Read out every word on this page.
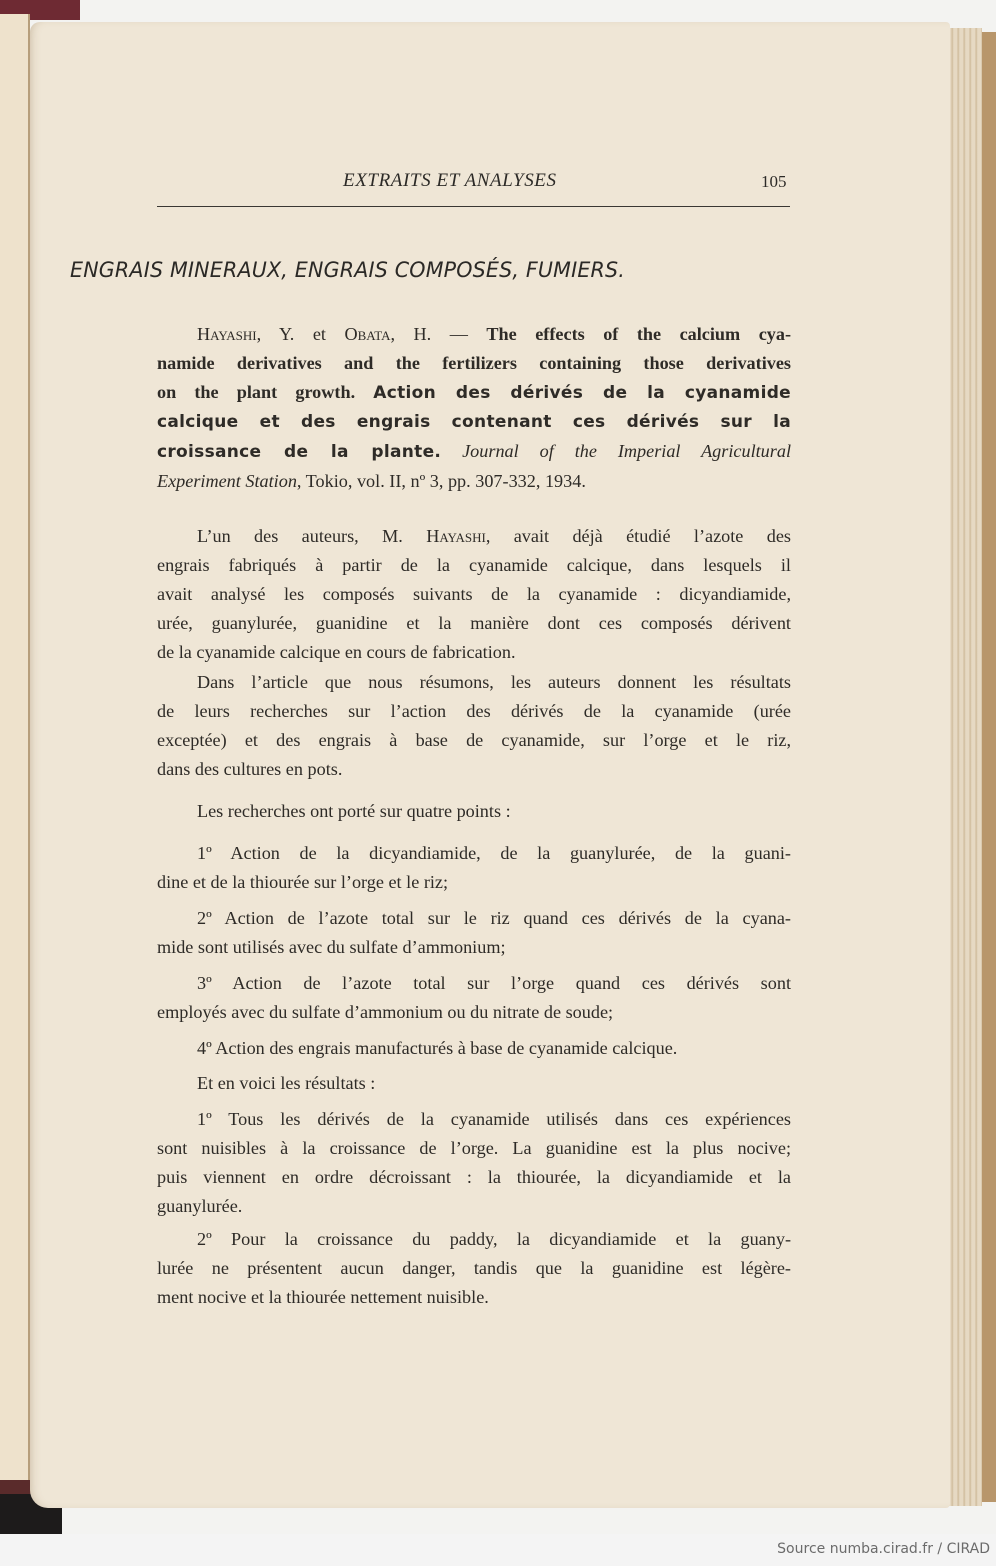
EXTRAITS ET ANALYSES	105
ENGRAIS MINERAUX, ENGRAIS COMPOSÉS, FUMIERS.
Hayashi, Y. et Obata, H. — The effects of the calcium cya-
namide derivatives and the fertilizers containing those derivatives
on the plant growth. Action des dérivés de la cyanamide
calcique et des engrais contenant ces dérivés sur la
croissance de la plante. Journal of the Imperial Agricultural
Experiment Station, Tokio, vol. II, nº 3, pp. 307-332, 1934.
L’un des auteurs, M. Hayashi, avait déjà étudié l’azote des
engrais fabriqués à partir de la cyanamide calcique, dans lesquels il
avait analysé les composés suivants de la cyanamide : dicyandiamide,
urée, guanylurée, guanidine et la manière dont ces composés dérivent
de la cyanamide calcique en cours de fabrication.
Dans l’article que nous résumons, les auteurs donnent les résultats
de leurs recherches sur l’action des dérivés de la cyanamide (urée
exceptée) et des engrais à base de cyanamide, sur l’orge et le riz,
dans des cultures en pots.
Les recherches ont porté sur quatre points :
1º Action de la dicyandiamide, de la guanylurée, de la guani-
dine et de la thiourée sur l’orge et le riz;
2º Action de l’azote total sur le riz quand ces dérivés de la cyana-
mide sont utilisés avec du sulfate d’ammonium;
3º Action de l’azote total sur l’orge quand ces dérivés sont
employés avec du sulfate d’ammonium ou du nitrate de soude;
4º Action des engrais manufacturés à base de cyanamide calcique.
Et en voici les résultats :
1º Tous les dérivés de la cyanamide utilisés dans ces expériences
sont nuisibles à la croissance de l’orge. La guanidine est la plus nocive;
puis viennent en ordre décroissant : la thiourée, la dicyandiamide et la
guanylurée.
2º Pour la croissance du paddy, la dicyandiamide et la guany-
lurée ne présentent aucun danger, tandis que la guanidine est légère-
ment nocive et la thiourée nettement nuisible.
Source numba.cirad.fr / CIRAD
